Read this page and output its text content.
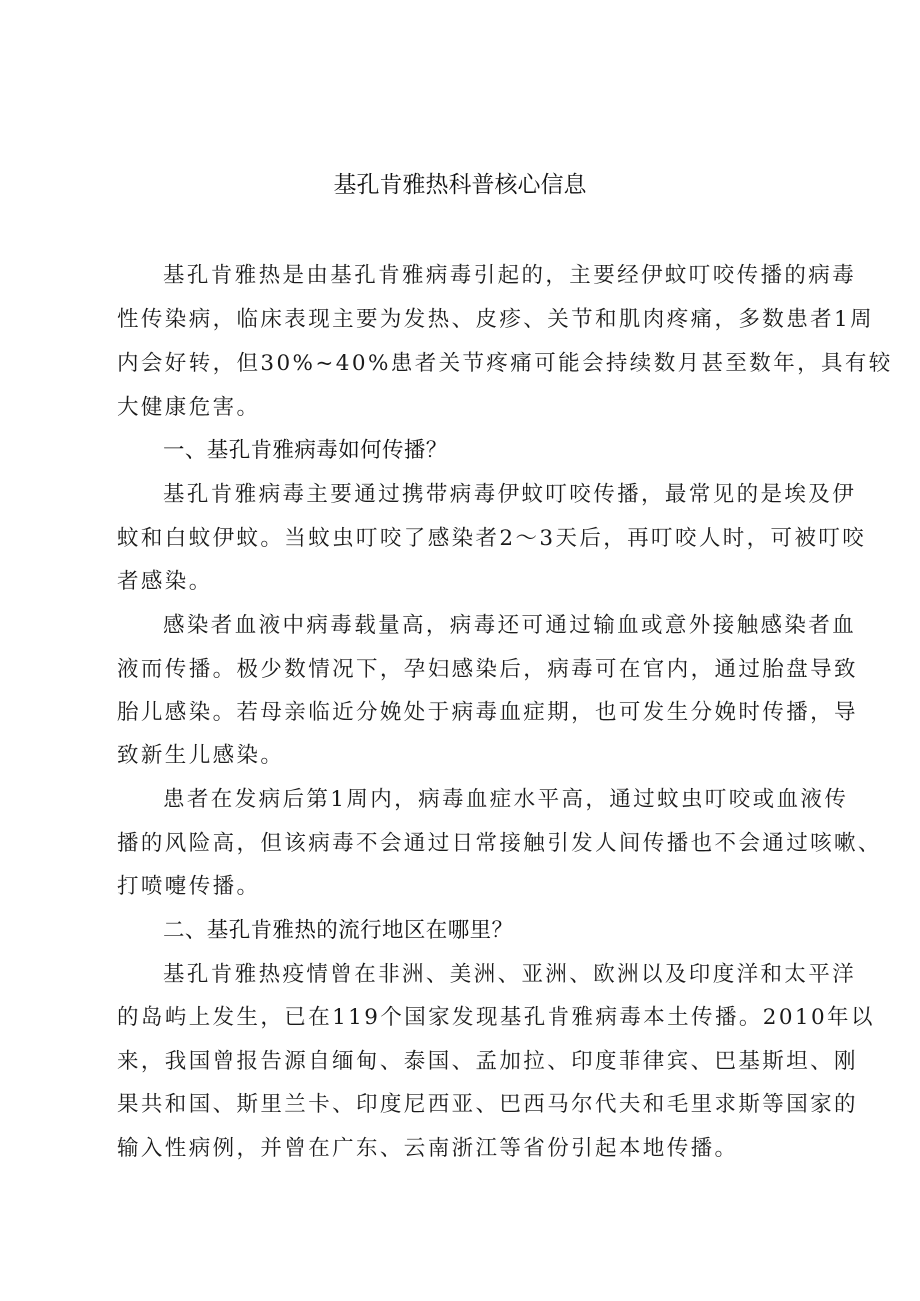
基孔肯雅热科普核心信息
基孔肯雅热是由基孔肯雅病毒引起的，主要经伊蚊叮咬传播的病毒
性传染病，临床表现主要为发热、皮疹、关节和肌肉疼痛，多数患者1周
内会好转，但30%~40%患者关节疼痛可能会持续数月甚至数年，具有较
大健康危害。
一、基孔肯雅病毒如何传播？
基孔肯雅病毒主要通过携带病毒伊蚊叮咬传播，最常见的是埃及伊
蚊和白蚊伊蚊。当蚊虫叮咬了感染者2～3天后，再叮咬人时，可被叮咬
者感染。
感染者血液中病毒载量高，病毒还可通过输血或意外接触感染者血
液而传播。极少数情况下，孕妇感染后，病毒可在官内，通过胎盘导致
胎儿感染。若母亲临近分娩处于病毒血症期，也可发生分娩时传播，导
致新生儿感染。
患者在发病后第1周内，病毒血症水平高，通过蚊虫叮咬或血液传
播的风险高，但该病毒不会通过日常接触引发人间传播也不会通过咳嗽、
打喷嚏传播。
二、基孔肯雅热的流行地区在哪里？
基孔肯雅热疫情曾在非洲、美洲、亚洲、欧洲以及印度洋和太平洋
的岛屿上发生，已在119个国家发现基孔肯雅病毒本土传播。2010年以
来，我国曾报告源自缅甸、泰国、孟加拉、印度菲律宾、巴基斯坦、刚
果共和国、斯里兰卡、印度尼西亚、巴西马尔代夫和毛里求斯等国家的
输入性病例，并曾在广东、云南浙江等省份引起本地传播。
